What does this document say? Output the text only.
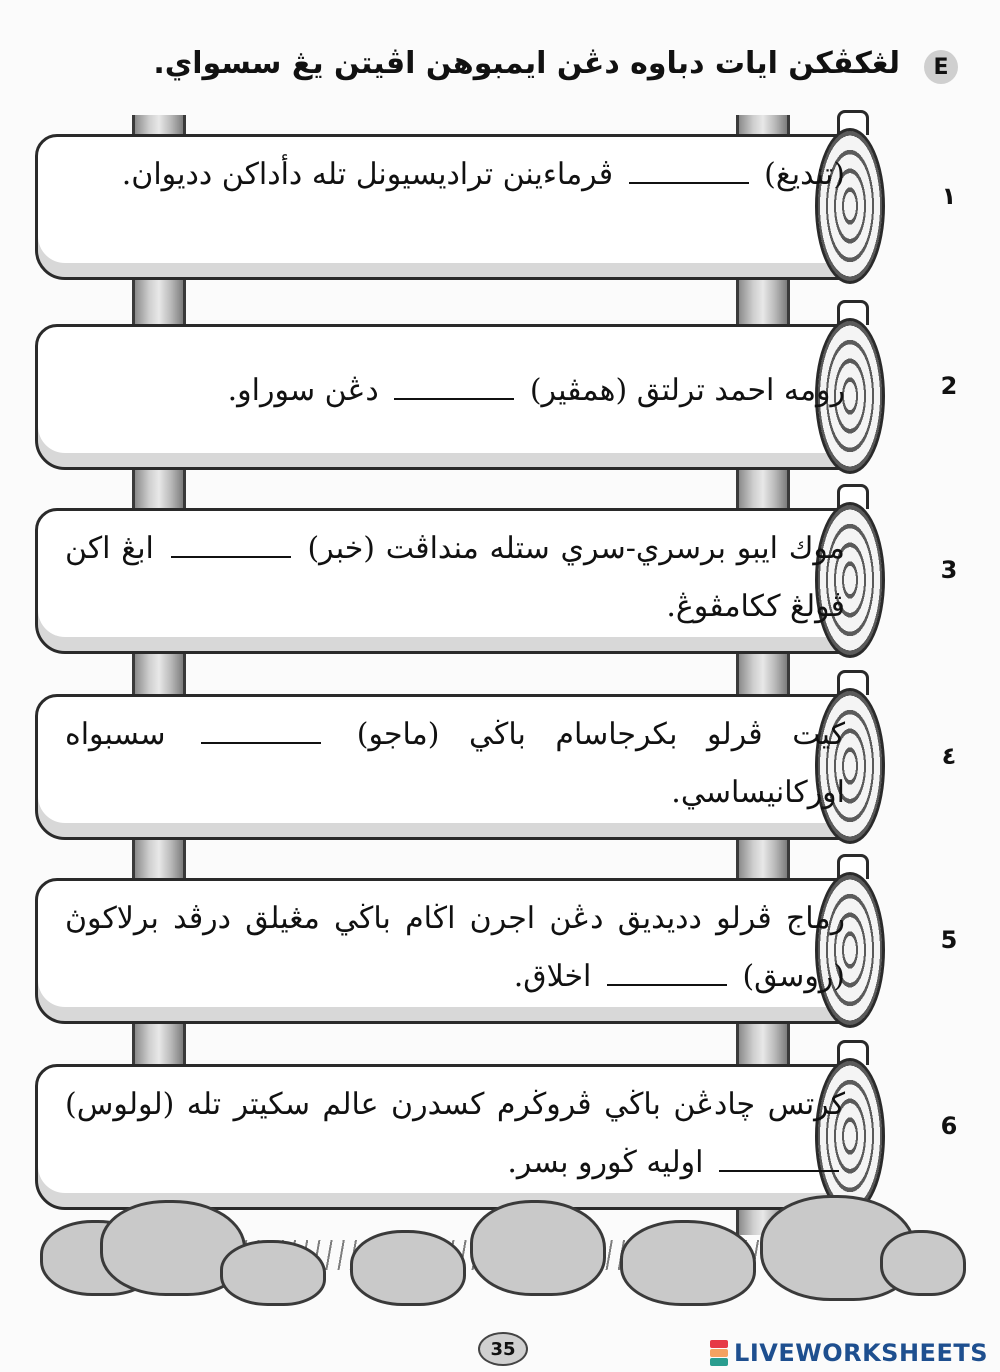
E
لڠكڤكن ايات دباوه دڠن ايمبوهن اڤيتن يڠ سسواي.
(تنديغ)  ڤرماءينن ترادیسیونل تله دأداكن ددیوان.
١
رومه احمد ترلتق (همڤير)  دڠن سوراو.	2
موك ايبو برسري-سري ستله منداڤت (خبر)  ابڠ اكن ڤولڠ ككامڤوڠ.
3
كيت ڤرلو بكرجاسام باڬي (ماجو)  سسبواه اوركانيساسي.
٤
رماج ڤرلو دديديق دڠن اجرن اڬام باڬي مڠيلق درڤد برلاكوڽ (روسق)  اخلاق.
5
كرتس چادڠن باڬي ڤروڬرم كسدرن عالم سكيتر تله (لولوس)  اوليه ڬورو بسر.
6
35	LIVEWORKSHEETS
